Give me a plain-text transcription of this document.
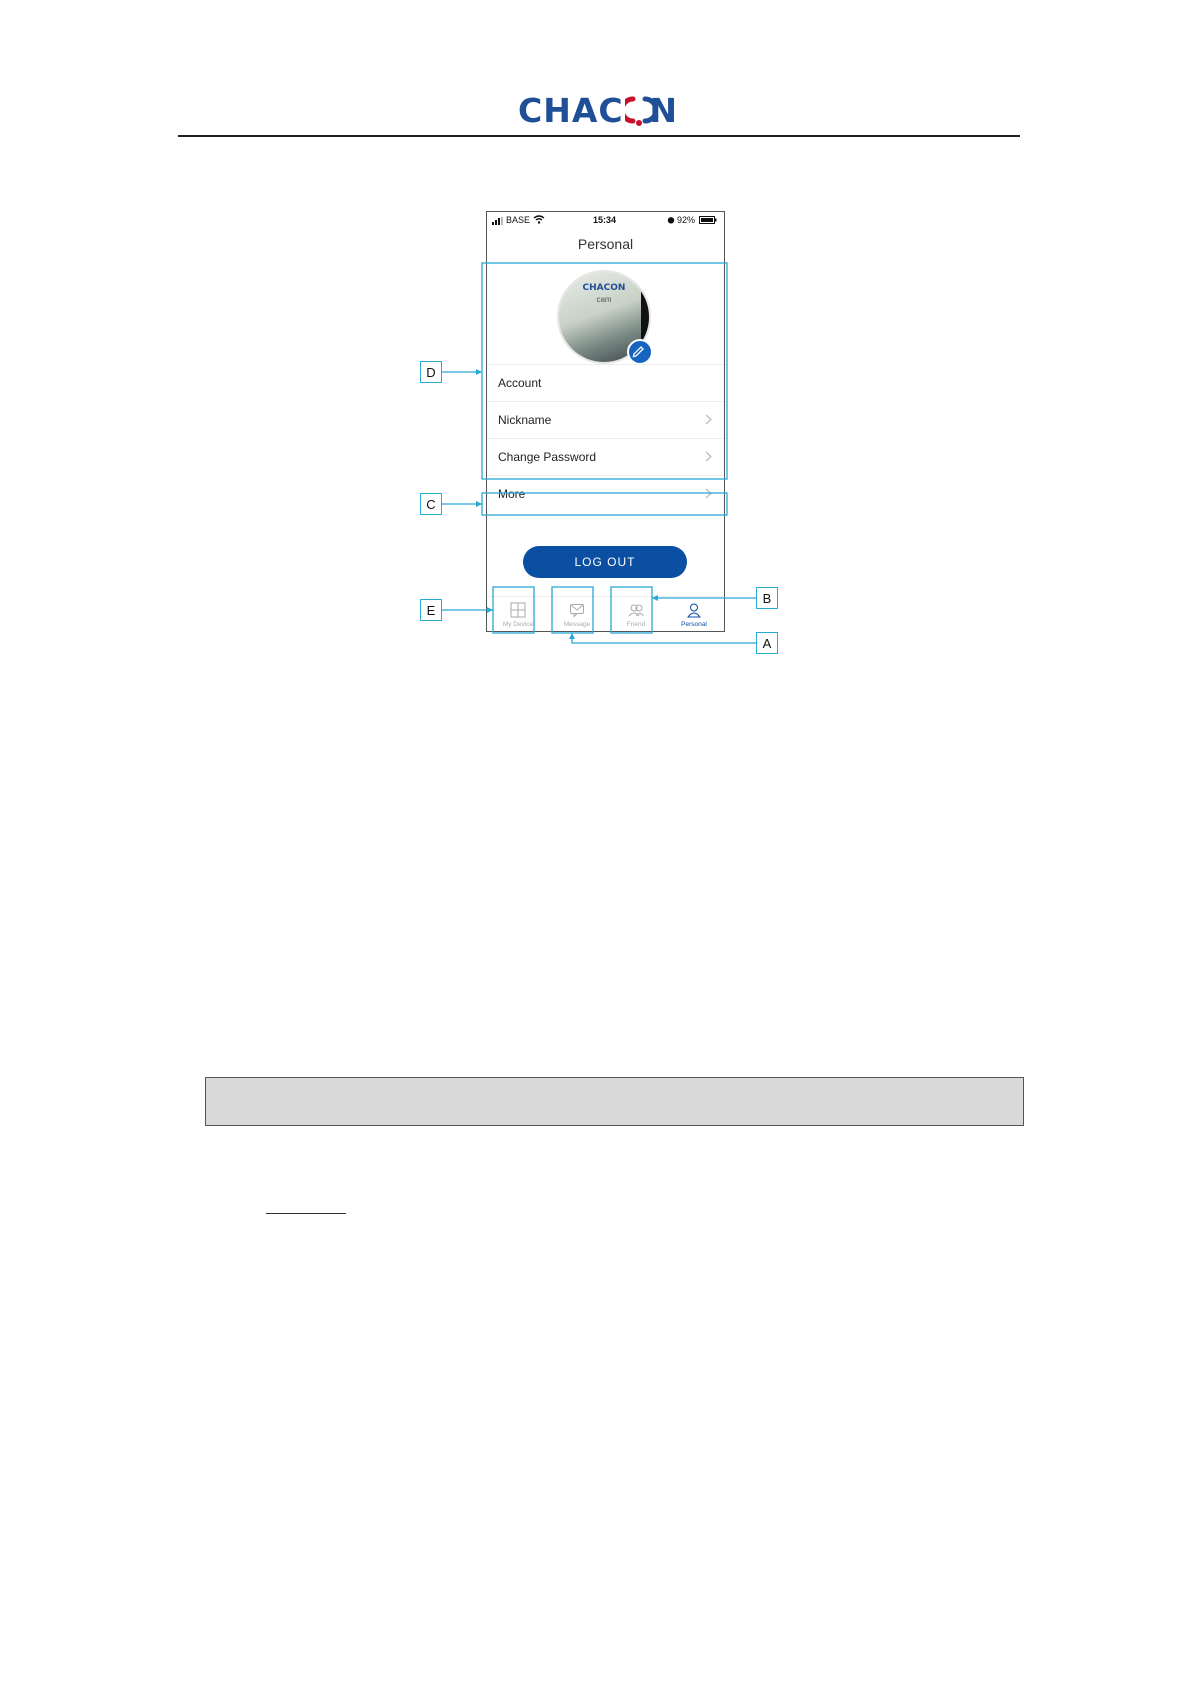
CHAC N
BASE	15:34	92%
Personal
CHACON
cam
Account
Nickname
Change Password
More
LOG OUT
My Device	Message	Friend	Personal
D
C
E
B
A
